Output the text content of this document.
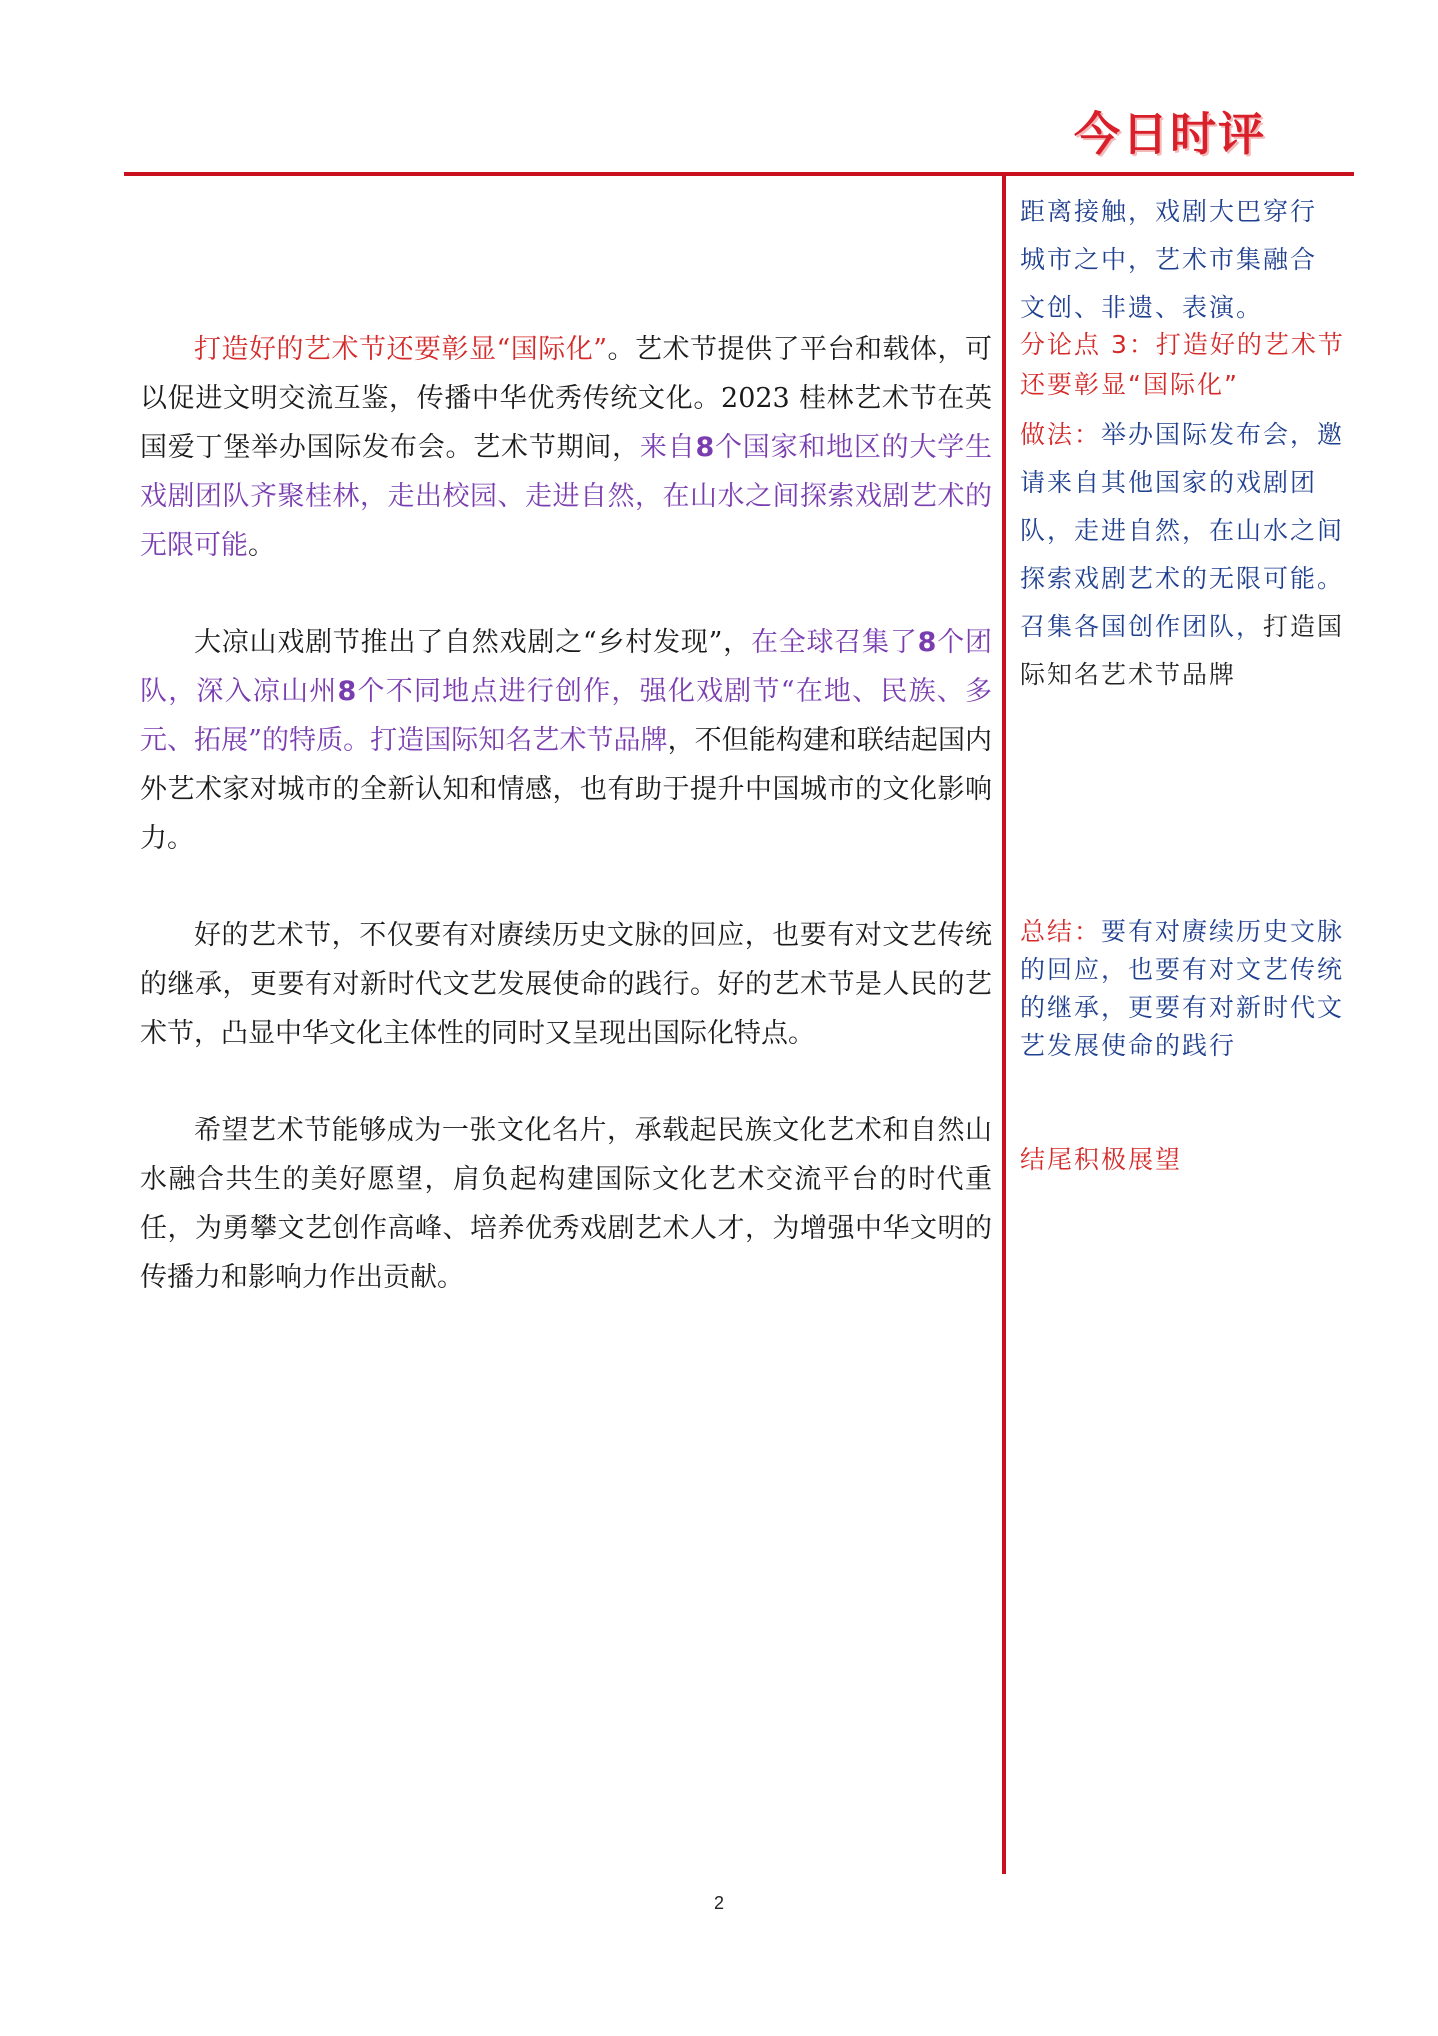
今日时评

打造好的艺术节还要彰显“国际化”。艺术节提供了平台和载体，可以促进文明交流互鉴，传播中华优秀传统文化。2023 桂林艺术节在英国爱丁堡举办国际发布会。艺术节期间，来自8个国家和地区的大学生戏剧团队齐聚桂林，走出校园、走进自然，在山水之间探索戏剧艺术的无限可能。

大凉山戏剧节推出了自然戏剧之“乡村发现”，在全球召集了8个团队，深入凉山州8个不同地点进行创作，强化戏剧节“在地、民族、多元、拓展”的特质。打造国际知名艺术节品牌，不但能构建和联结起国内外艺术家对城市的全新认知和情感，也有助于提升中国城市的文化影响力。

好的艺术节，不仅要有对赓续历史文脉的回应，也要有对文艺传统的继承，更要有对新时代文艺发展使命的践行。好的艺术节是人民的艺术节，凸显中华文化主体性的同时又呈现出国际化特点。

希望艺术节能够成为一张文化名片，承载起民族文化艺术和自然山水融合共生的美好愿望，肩负起构建国际文化艺术交流平台的时代重任，为勇攀文艺创作高峰、培养优秀戏剧艺术人才，为增强中华文明的传播力和影响力作出贡献。

距离接触，戏剧大巴穿行
城市之中，艺术市集融合
文创、非遗、表演。
分论点 3：打造好的艺术节还要彰显“国际化”
做法：举办国际发布会，邀请来自其他国家的戏剧团队，走进自然，在山水之间探索戏剧艺术的无限可能。召集各国创作团队，打造国际知名艺术节品牌
总结：要有对赓续历史文脉的回应，也要有对文艺传统的继承，更要有对新时代文艺发展使命的践行
结尾积极展望
2
